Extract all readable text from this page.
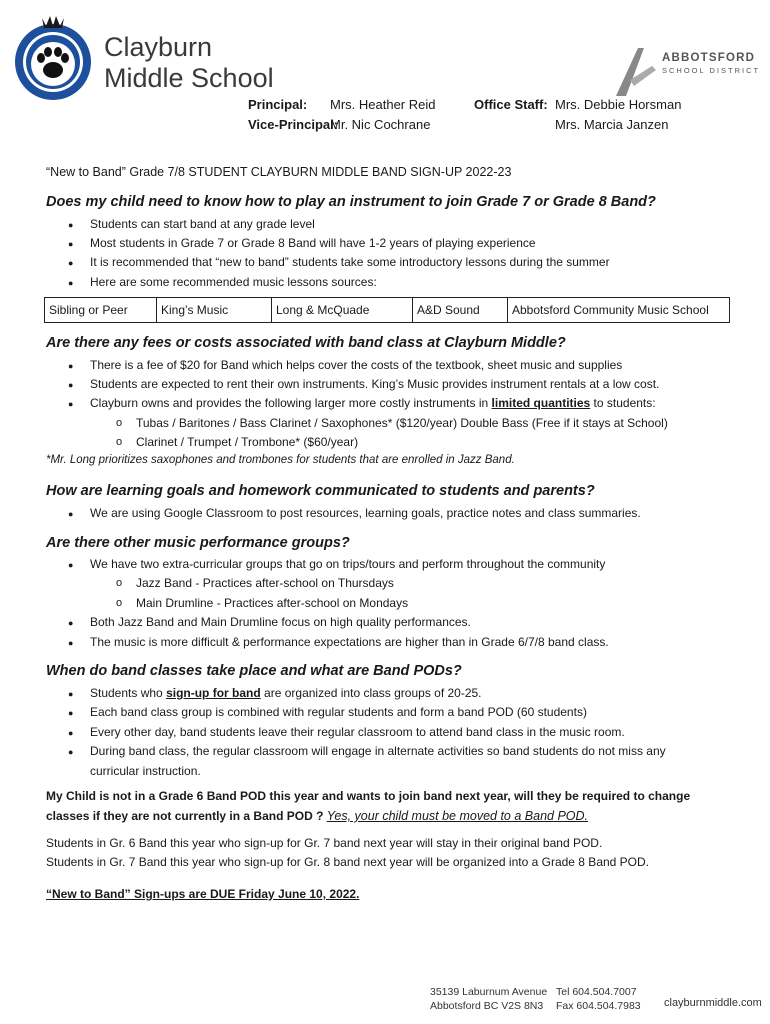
Clayburn
Middle School
ABBOTSFORD
SCHOOL DISTRICT
Principal: Mrs. Heather Reid
Vice-Principal:
Mr. Nic Cochrane
Office Staff: Mrs. Debbie Horsman
Mrs. Marcia Janzen
“New to Band” Grade 7/8 STUDENT CLAYBURN MIDDLE BAND SIGN-UP 2022-23
Does my child need to know how to play an instrument to join Grade 7 or Grade 8 Band?
● Students can start band at any grade level
● Most students in Grade 7 or Grade 8 Band will have 1-2 years of playing experience
● It is recommended that “new to band” students take some introductory lessons during the summer
● Here are some recommended music lessons sources:
Sibling or Peer	King’s Music	Long & McQuade	A&D Sound	Abbotsford Community Music School
Are there any fees or costs associated with band class at Clayburn Middle?
● There is a fee of $20 for Band which helps cover the costs of the textbook, sheet music and supplies
● Students are expected to rent their own instruments. King’s Music provides instrument rentals at a low cost.
● Clayburn owns and provides the following larger more costly instruments in limited quantities to students:
o Tubas / Baritones / Bass Clarinet / Saxophones* ($120/year) Double Bass (Free if it stays at School)
o Clarinet / Trumpet / Trombone* ($60/year)
*Mr. Long prioritizes saxophones and trombones for students that are enrolled in Jazz Band.
How are learning goals and homework communicated to students and parents?
● We are using Google Classroom to post resources, learning goals, practice notes and class summaries.
Are there other music performance groups?
● We have two extra-curricular groups that go on trips/tours and perform throughout the community
o Jazz Band - Practices after-school on Thursdays
o Main Drumline - Practices after-school on Mondays
● Both Jazz Band and Main Drumline focus on high quality performances.
● The music is more difficult & performance expectations are higher than in Grade 6/7/8 band class.
When do band classes take place and what are Band PODs?
● Students who sign-up for band are organized into class groups of 20-25.
● Each band class group is combined with regular students and form a band POD (60 students)
● Every other day, band students leave their regular classroom to attend band class in the music room.
● During band class, the regular classroom will engage in alternate activities so band students do not miss any
curricular instruction.
My Child is not in a Grade 6 Band POD this year and wants to join band next year, will they be required to change
classes if they are not currently in a Band POD ? Yes, your child must be moved to a Band POD.
Students in Gr. 6 Band this year who sign-up for Gr. 7 band next year will stay in their original band POD.
Students in Gr. 7 Band this year who sign-up for Gr. 8 band next year will be organized into a Grade 8 Band POD.
“New to Band” Sign-ups are DUE Friday June 10, 2022.
35139 Laburnum Avenue
Abbotsford BC V2S 8N3
Tel 604.504.7007
Fax 604.504.7983 clayburnmiddle.com
